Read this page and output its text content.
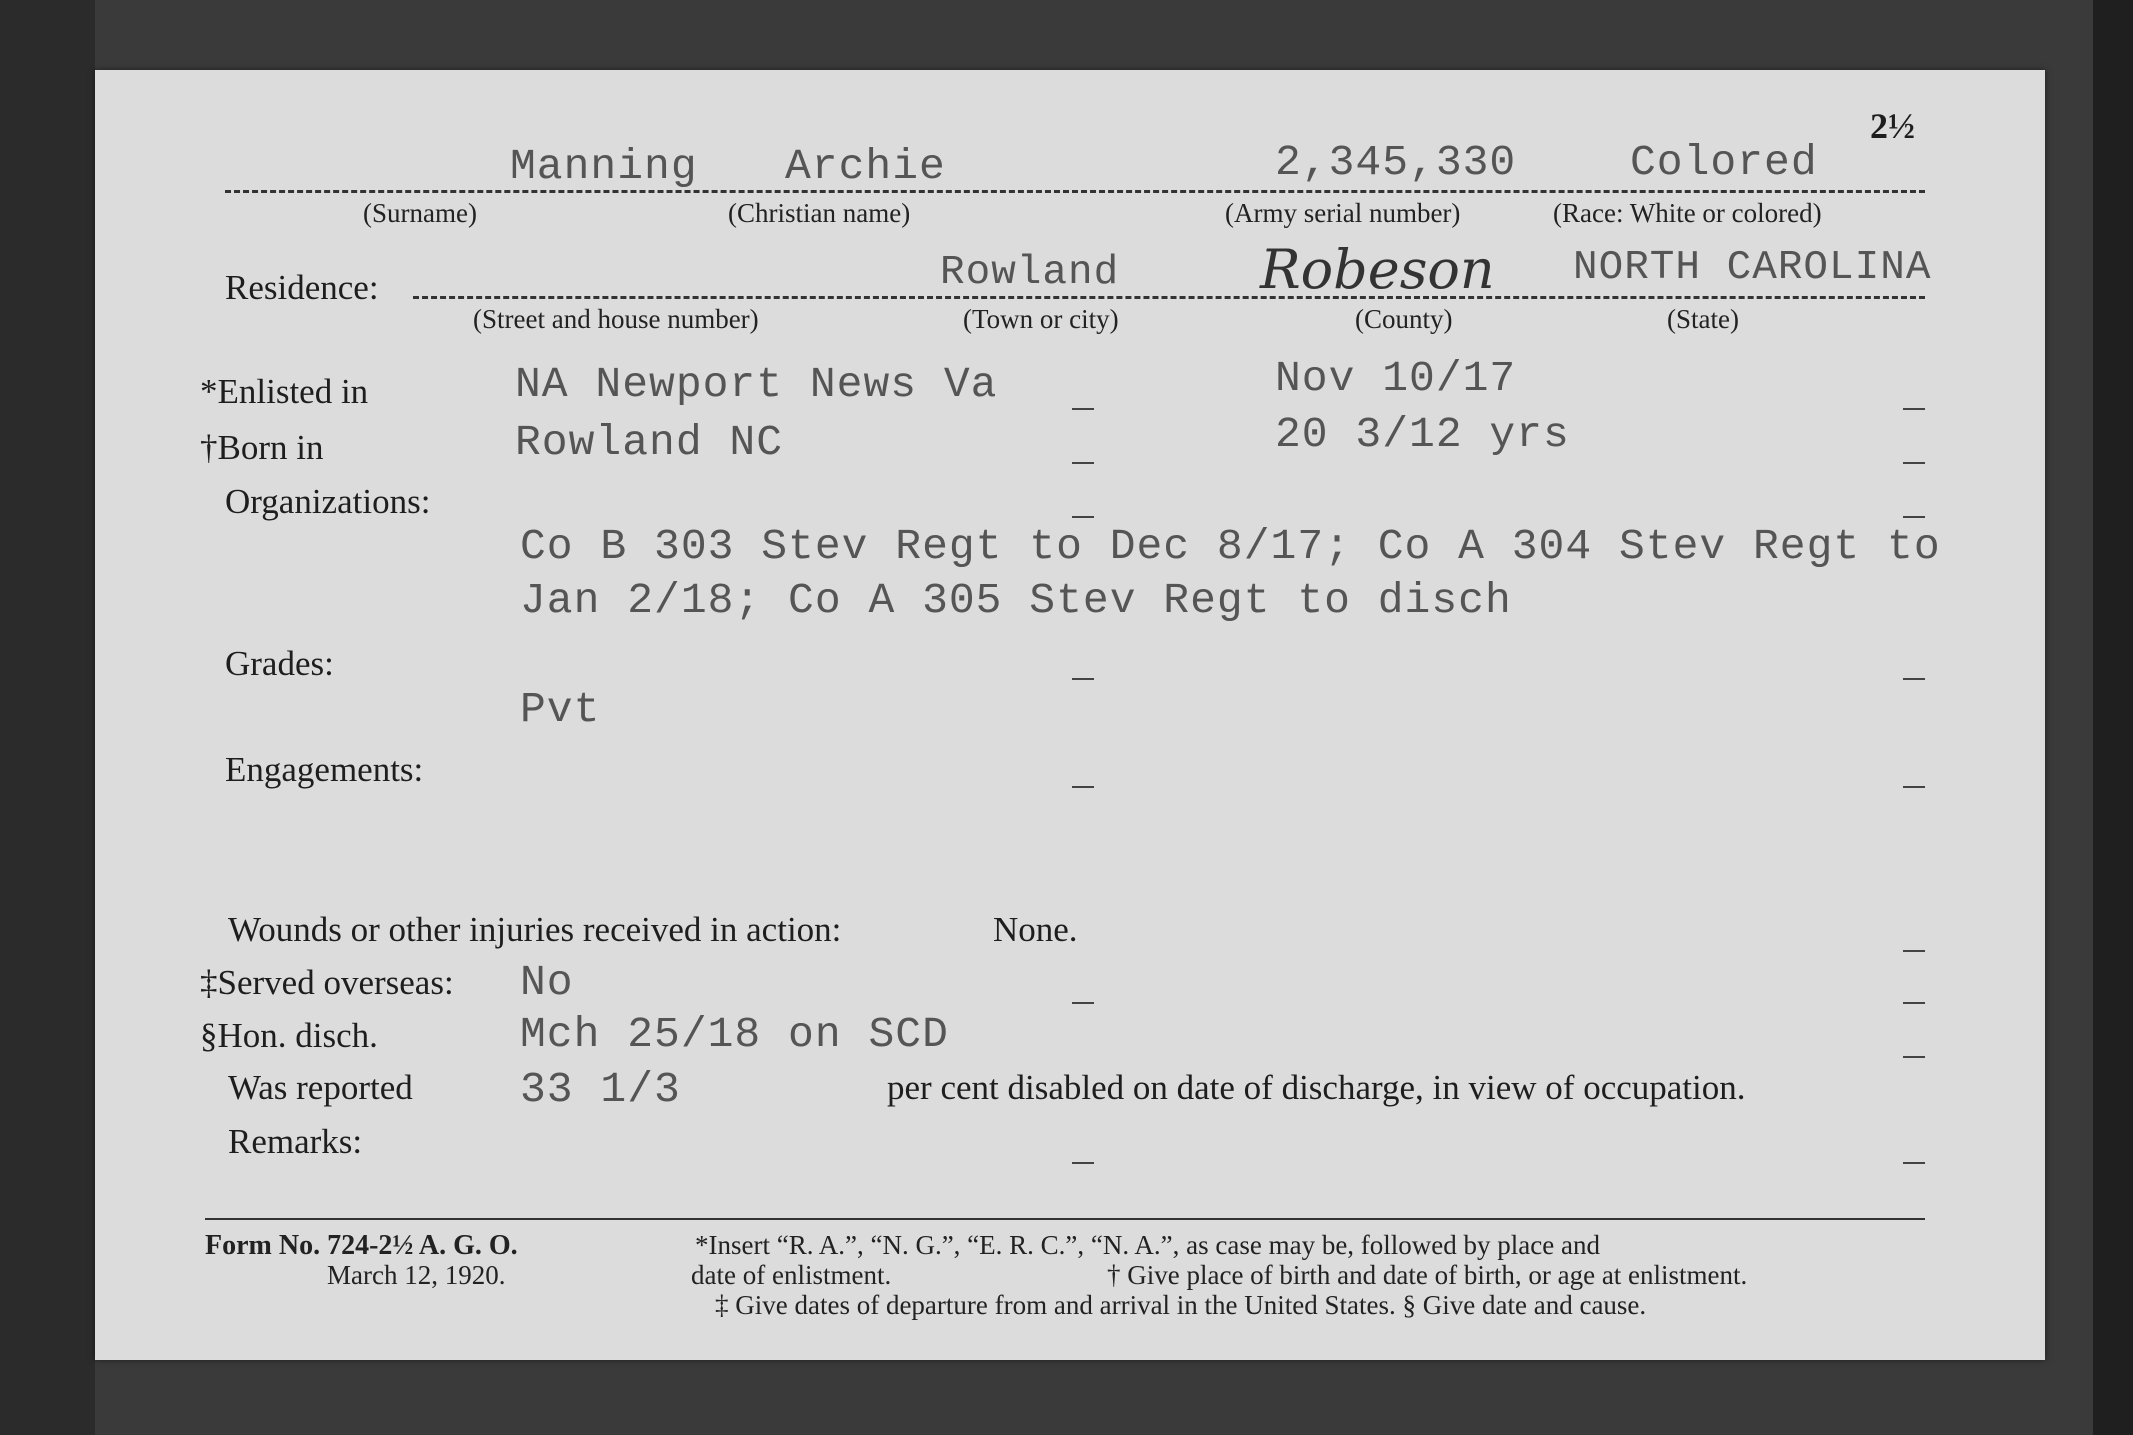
2½
Manning Archie	2,345,330	Colored
(Surname)	(Christian name)	(Army serial number)	(Race: White or colored)
Residence:	Rowland	Robeson NORTH CAROLINA
(Street and house number)	(Town or city)	(County)	(State)
*Enlisted in	NA Newport News Va	Nov 10/17
†Born in	Rowland NC	20 3/12 yrs
Organizations:
Co B 303 Stev Regt to Dec 8/17; Co A 304 Stev Regt to
Jan 2/18; Co A 305 Stev Regt to disch
Grades:
Pvt
Engagements:
Wounds or other injuries received in action:	None.
‡Served overseas: No
§Hon. disch.	Mch 25/18 on SCD
Was reported 33 1/3	per cent disabled on date of discharge, in view of occupation.
Remarks:
Form No. 724-2½ A. G. O.
March 12, 1920.
*Insert “R. A.”, “N. G.”, “E. R. C.”, “N. A.”, as case may be, followed by place and
date of enlistment.	† Give place of birth and date of birth, or age at enlistment.
‡ Give dates of departure from and arrival in the United States. § Give date and cause.
